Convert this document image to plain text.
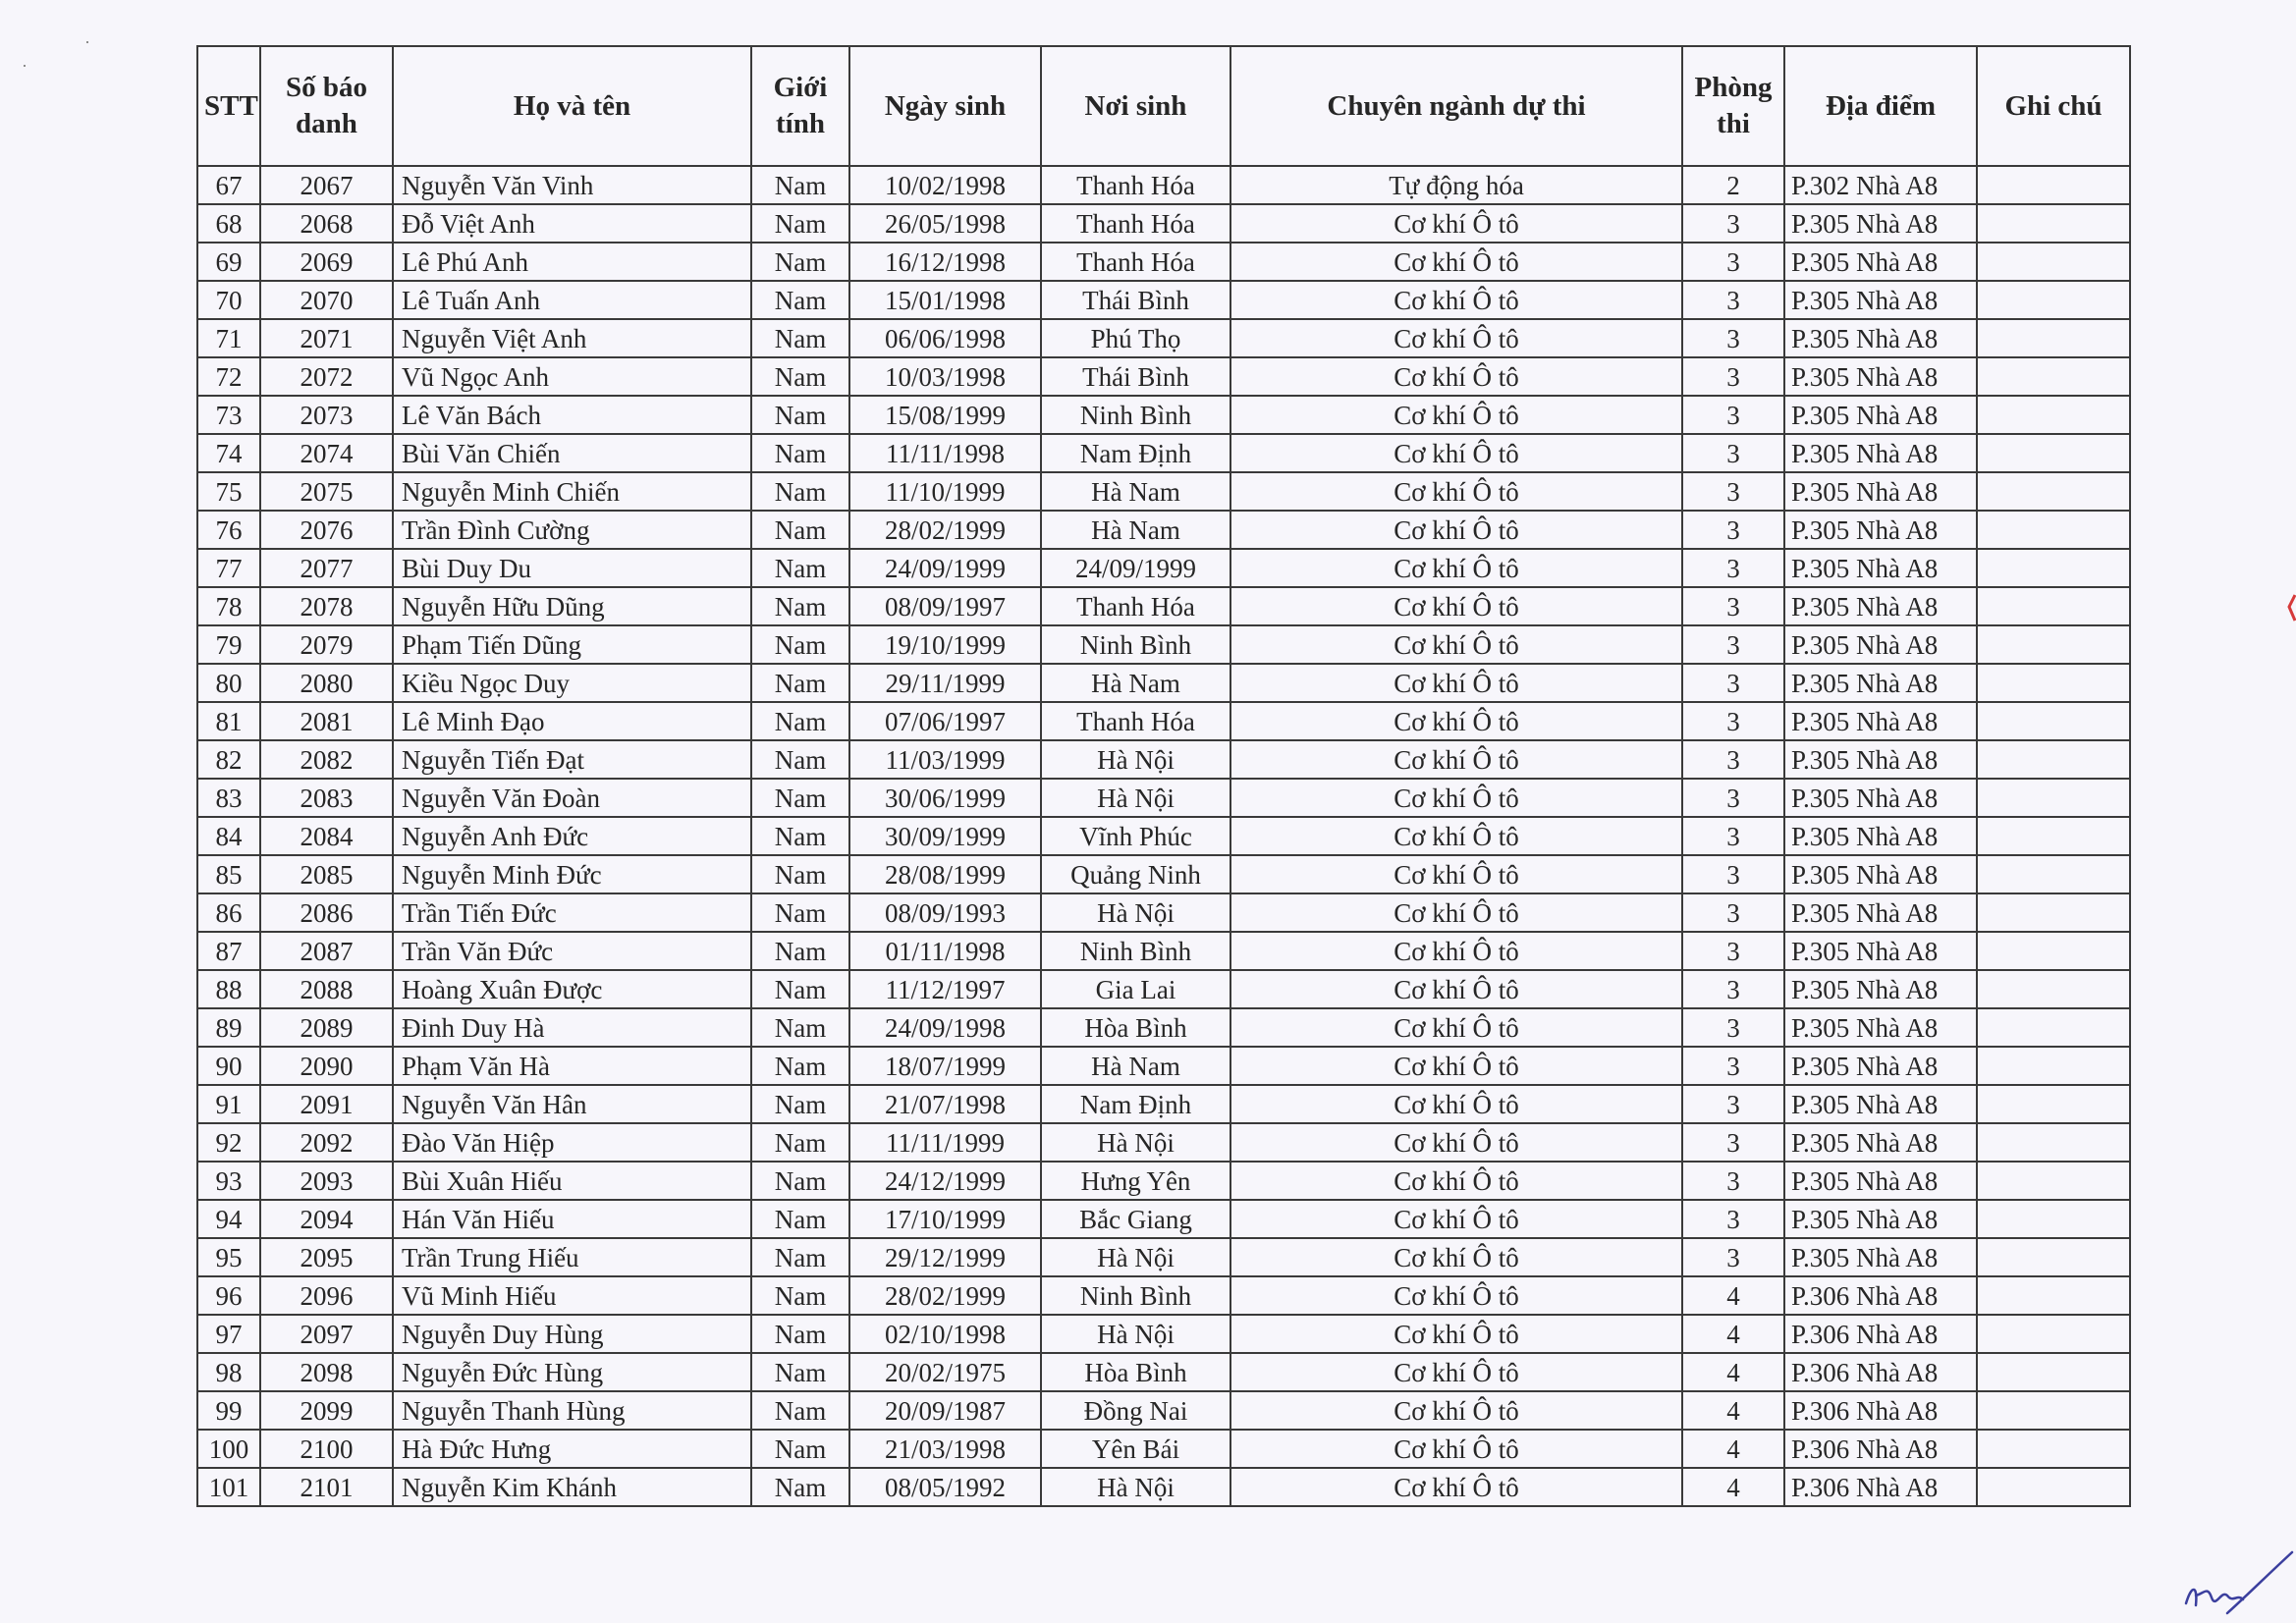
·
·
STT	Số báo danh	Họ và tên	Giới tính	Ngày sinh	Nơi sinh	Chuyên ngành dự thi	Phòng thi	Địa điểm	Ghi chú
67	2067	Nguyễn Văn Vinh	Nam	10/02/1998	Thanh Hóa	Tự động hóa	2	P.302 Nhà A8	
68	2068	Đỗ Việt Anh	Nam	26/05/1998	Thanh Hóa	Cơ khí Ô tô	3	P.305 Nhà A8	
69	2069	Lê Phú Anh	Nam	16/12/1998	Thanh Hóa	Cơ khí Ô tô	3	P.305 Nhà A8	
70	2070	Lê Tuấn Anh	Nam	15/01/1998	Thái Bình	Cơ khí Ô tô	3	P.305 Nhà A8	
71	2071	Nguyễn Việt Anh	Nam	06/06/1998	Phú Thọ	Cơ khí Ô tô	3	P.305 Nhà A8	
72	2072	Vũ Ngọc Anh	Nam	10/03/1998	Thái Bình	Cơ khí Ô tô	3	P.305 Nhà A8	
73	2073	Lê Văn Bách	Nam	15/08/1999	Ninh Bình	Cơ khí Ô tô	3	P.305 Nhà A8	
74	2074	Bùi Văn Chiến	Nam	11/11/1998	Nam Định	Cơ khí Ô tô	3	P.305 Nhà A8	
75	2075	Nguyễn Minh Chiến	Nam	11/10/1999	Hà Nam	Cơ khí Ô tô	3	P.305 Nhà A8	
76	2076	Trần Đình Cường	Nam	28/02/1999	Hà Nam	Cơ khí Ô tô	3	P.305 Nhà A8	
77	2077	Bùi Duy Du	Nam	24/09/1999	24/09/1999	Cơ khí Ô tô	3	P.305 Nhà A8	
78	2078	Nguyễn Hữu Dũng	Nam	08/09/1997	Thanh Hóa	Cơ khí Ô tô	3	P.305 Nhà A8	
79	2079	Phạm Tiến Dũng	Nam	19/10/1999	Ninh Bình	Cơ khí Ô tô	3	P.305 Nhà A8	
80	2080	Kiều Ngọc Duy	Nam	29/11/1999	Hà Nam	Cơ khí Ô tô	3	P.305 Nhà A8	
81	2081	Lê Minh Đạo	Nam	07/06/1997	Thanh Hóa	Cơ khí Ô tô	3	P.305 Nhà A8	
82	2082	Nguyễn Tiến Đạt	Nam	11/03/1999	Hà Nội	Cơ khí Ô tô	3	P.305 Nhà A8	
83	2083	Nguyễn Văn Đoàn	Nam	30/06/1999	Hà Nội	Cơ khí Ô tô	3	P.305 Nhà A8	
84	2084	Nguyễn Anh Đức	Nam	30/09/1999	Vĩnh Phúc	Cơ khí Ô tô	3	P.305 Nhà A8	
85	2085	Nguyễn Minh Đức	Nam	28/08/1999	Quảng Ninh	Cơ khí Ô tô	3	P.305 Nhà A8	
86	2086	Trần Tiến Đức	Nam	08/09/1993	Hà Nội	Cơ khí Ô tô	3	P.305 Nhà A8	
87	2087	Trần Văn Đức	Nam	01/11/1998	Ninh Bình	Cơ khí Ô tô	3	P.305 Nhà A8	
88	2088	Hoàng Xuân Được	Nam	11/12/1997	Gia Lai	Cơ khí Ô tô	3	P.305 Nhà A8	
89	2089	Đinh Duy Hà	Nam	24/09/1998	Hòa Bình	Cơ khí Ô tô	3	P.305 Nhà A8	
90	2090	Phạm Văn Hà	Nam	18/07/1999	Hà Nam	Cơ khí Ô tô	3	P.305 Nhà A8	
91	2091	Nguyễn Văn Hân	Nam	21/07/1998	Nam Định	Cơ khí Ô tô	3	P.305 Nhà A8	
92	2092	Đào Văn Hiệp	Nam	11/11/1999	Hà Nội	Cơ khí Ô tô	3	P.305 Nhà A8	
93	2093	Bùi Xuân Hiếu	Nam	24/12/1999	Hưng Yên	Cơ khí Ô tô	3	P.305 Nhà A8	
94	2094	Hán Văn Hiếu	Nam	17/10/1999	Bắc Giang	Cơ khí Ô tô	3	P.305 Nhà A8	
95	2095	Trần Trung Hiếu	Nam	29/12/1999	Hà Nội	Cơ khí Ô tô	3	P.305 Nhà A8	
96	2096	Vũ Minh Hiếu	Nam	28/02/1999	Ninh Bình	Cơ khí Ô tô	4	P.306 Nhà A8	
97	2097	Nguyễn Duy Hùng	Nam	02/10/1998	Hà Nội	Cơ khí Ô tô	4	P.306 Nhà A8	
98	2098	Nguyễn Đức Hùng	Nam	20/02/1975	Hòa Bình	Cơ khí Ô tô	4	P.306 Nhà A8	
99	2099	Nguyễn Thanh Hùng	Nam	20/09/1987	Đồng Nai	Cơ khí Ô tô	4	P.306 Nhà A8	
100	2100	Hà Đức Hưng	Nam	21/03/1998	Yên Bái	Cơ khí Ô tô	4	P.306 Nhà A8	
101	2101	Nguyễn Kim Khánh	Nam	08/05/1992	Hà Nội	Cơ khí Ô tô	4	P.306 Nhà A8	
